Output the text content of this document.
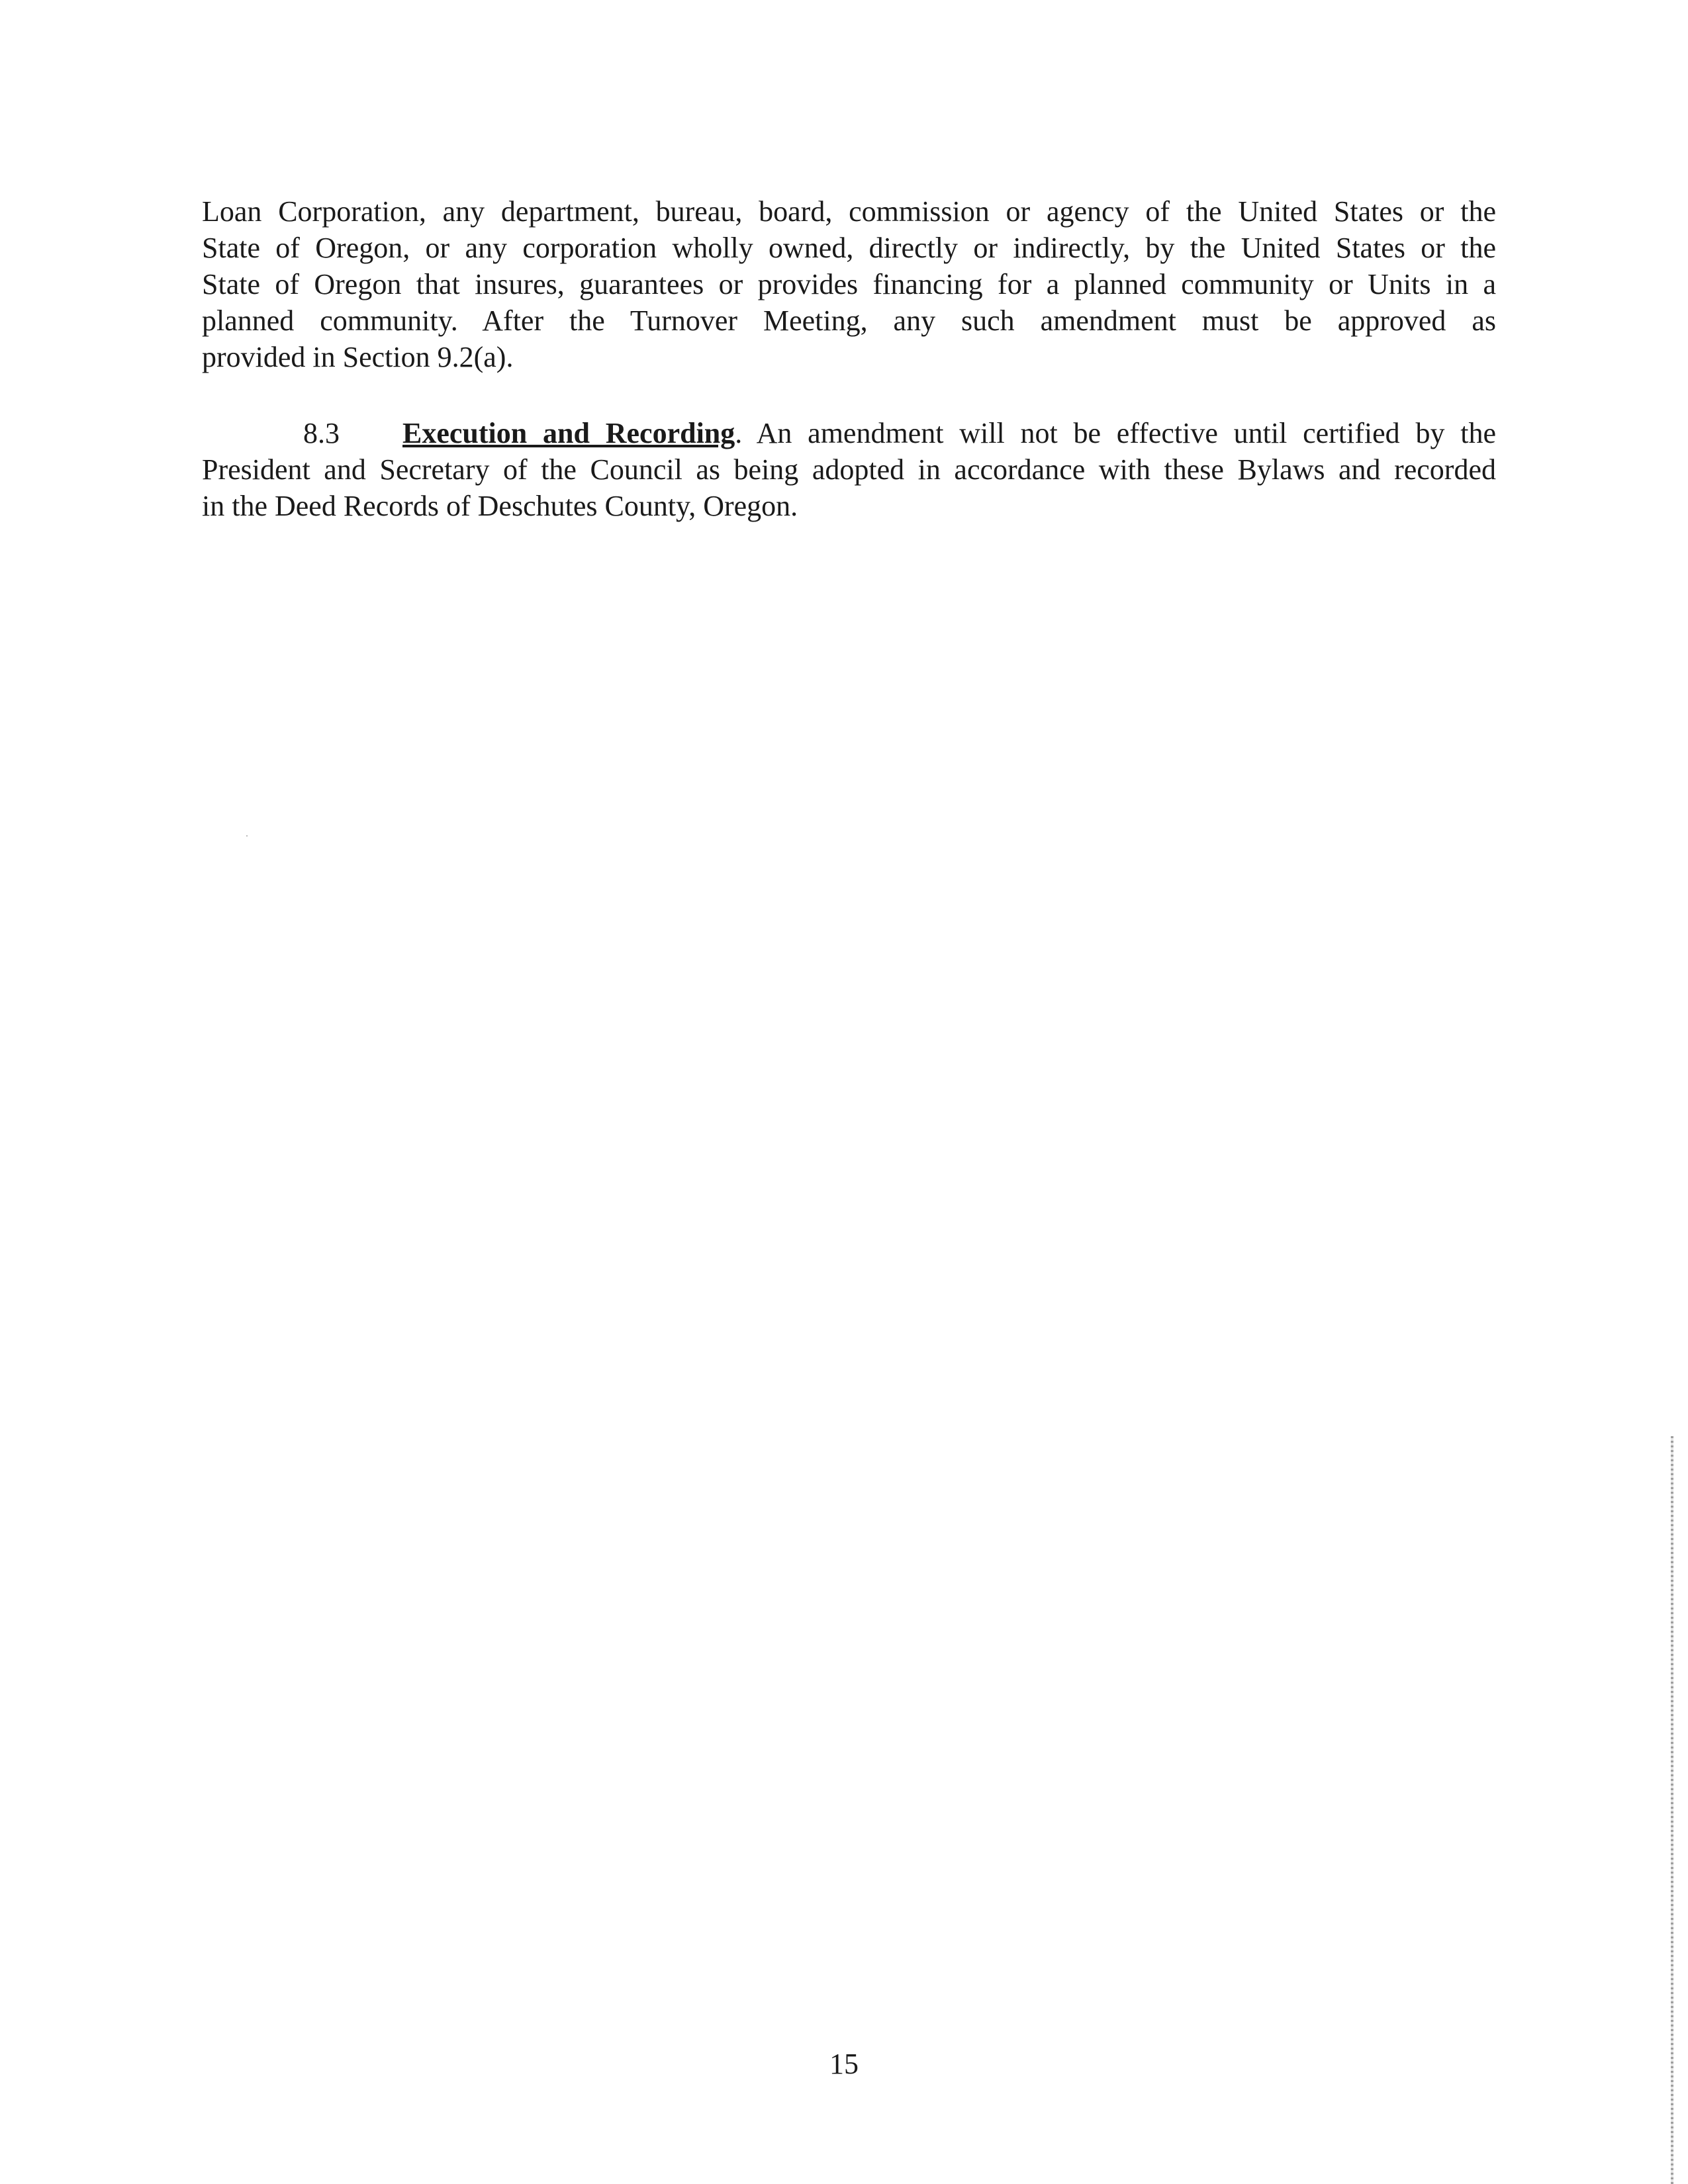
Loan Corporation, any department, bureau, board, commission or agency of the United States or the
State of Oregon, or any corporation wholly owned, directly or indirectly, by the United States or the
State of Oregon that insures, guarantees or provides financing for a planned community or Units in a
planned community. After the Turnover Meeting, any such amendment must be approved as
provided in Section 9.2(a).

8.3 Execution and Recording. An amendment will not be effective until certified by the
President and Secretary of the Council as being adopted in accordance with these Bylaws and recorded
in the Deed Records of Deschutes County, Oregon.

15
